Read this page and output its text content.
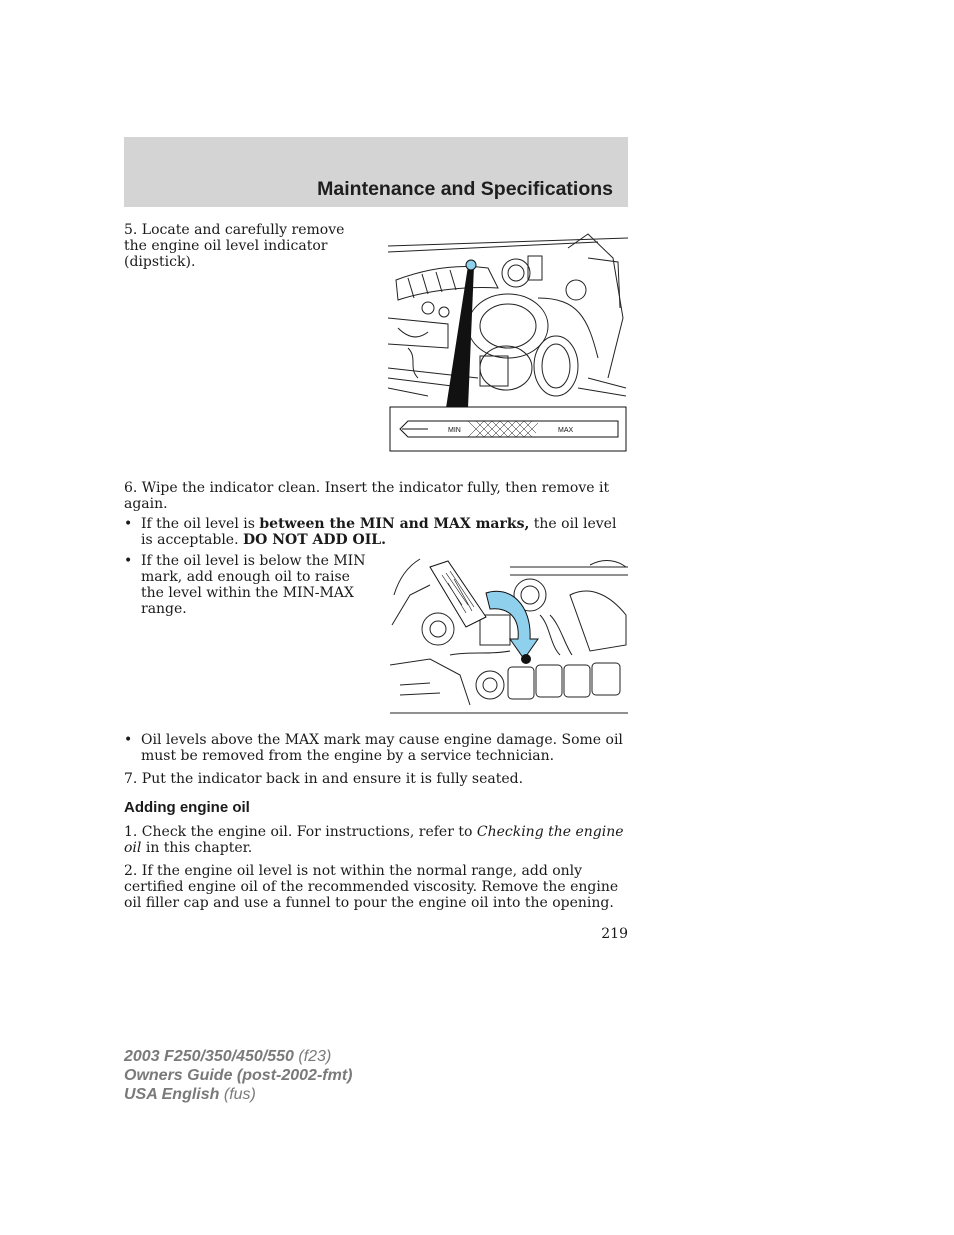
Maintenance and Specifications

5. Locate and carefully remove the engine oil level indicator (dipstick).

MIN	MAX

6. Wipe the indicator clean. Insert the indicator fully, then remove it again.

• If the oil level is between the MIN and MAX marks, the oil level is acceptable. DO NOT ADD OIL.
• If the oil level is below the MIN mark, add enough oil to raise the level within the MIN-MAX range.
• Oil levels above the MAX mark may cause engine damage. Some oil must be removed from the engine by a service technician.

7. Put the indicator back in and ensure it is fully seated.

Adding engine oil

1. Check the engine oil. For instructions, refer to Checking the engine oil in this chapter.

2. If the engine oil level is not within the normal range, add only certified engine oil of the recommended viscosity. Remove the engine oil filler cap and use a funnel to pour the engine oil into the opening.

219
2003 F250/350/450/550 (f23)
Owners Guide (post-2002-fmt)
USA English (fus)
